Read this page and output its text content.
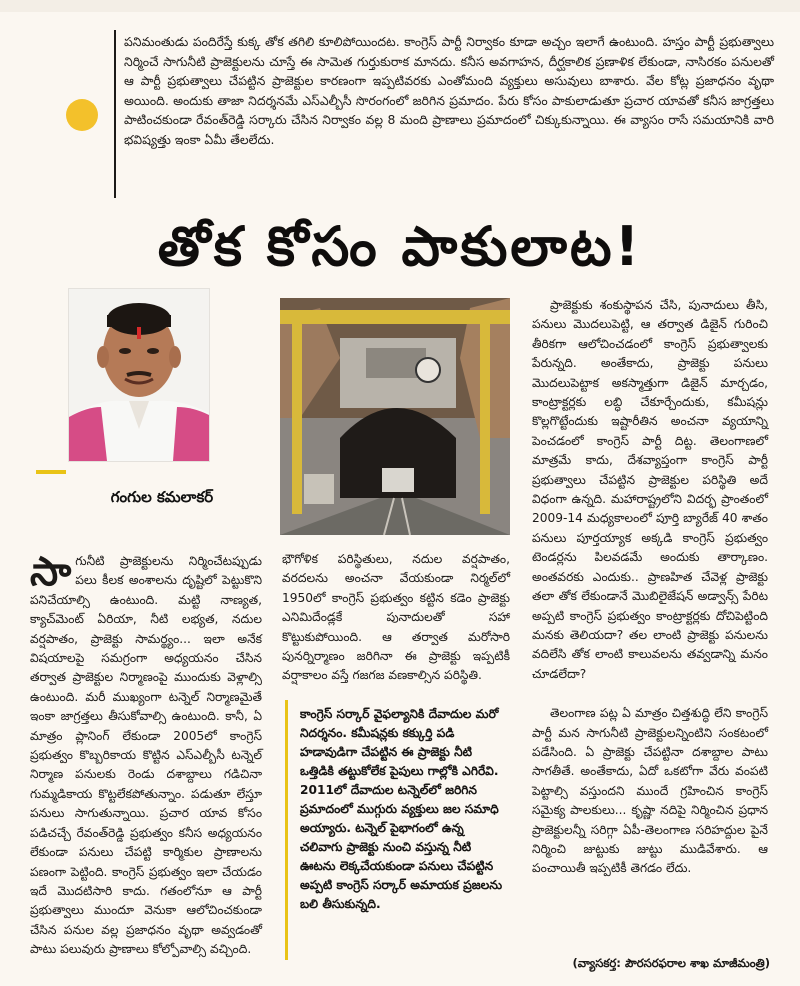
పనిమంతుడు పందిరేస్తే కుక్క తోక తగిలి కూలిపోయిందట. కాంగ్రెస్ పార్టీ నిర్వాకం కూడా అచ్చం ఇలాగే ఉంటుంది. హస్తం పార్టీ ప్రభుత్వాలు నిర్మించే సాగునీటి ప్రాజెక్టులను చూస్తే ఈ సామెత గుర్తుకురాక మానదు. కనీస అవగాహన, దీర్ఘకాలిక ప్రణాళిక లేకుండా, నాసిరకం పనులతో ఆ పార్టీ ప్రభుత్వాలు చేపట్టిన ప్రాజెక్టుల కారణంగా ఇప్పటివరకు ఎంతోమంది వ్యక్తులు అసువులు బాశారు. వేల కోట్ల ప్రజాధనం వృథా అయింది. అందుకు తాజా నిదర్శనమే ఎస్ఎల్బీసీ సొరంగంలో జరిగిన ప్రమాదం. పేరు కోసం పాకులాడుతూ ప్రచార యావతో కనీస జాగ్రత్తలు పాటించకుండా రేవంత్‌రెడ్డి సర్కారు చేసిన నిర్వాకం వల్ల 8 మంది ప్రాణాలు ప్రమాదంలో చిక్కుకున్నాయి. ఈ వ్యాసం రాసే సమయానికి వారి భవిష్యత్తు ఇంకా ఏమీ తేలలేదు.
తోక కోసం పాకులాట!
గంగుల కమలాకర్
సా గునీటి ప్రాజెక్టులను నిర్మించేటప్పుడు పలు కీలక అంశాలను దృష్టిలో పెట్టుకొని పనిచేయాల్సి ఉంటుంది. మట్టి నాణ్యత, క్యాచ్‌మెంట్ ఏరియా, నీటి లభ్యత, నదుల వర్షపాతం, ప్రాజెక్టు సామర్థ్యం... ఇలా అనేక విషయాలపై సమగ్రంగా అధ్యయనం చేసిన తర్వాత ప్రాజెక్టుల నిర్మాణంపై ముందుకు వెళ్లాల్సి ఉంటుంది. మరీ ముఖ్యంగా టన్నెల్ నిర్మాణమైతే ఇంకా జాగ్రత్తలు తీసుకోవాల్సి ఉంటుంది. కానీ, ఏ మాత్రం ప్లానింగ్ లేకుండా 2005లో కాంగ్రెస్ ప్రభుత్వం కొబ్బరికాయ కొట్టిన ఎస్ఎల్బీసీ టన్నెల్ నిర్మాణ పనులకు రెండు దశాబ్దాలు గడిచినా గుమ్మడికాయ కొట్టలేకపోతున్నాం. పడుతూ లేస్తూ పనులు సాగుతున్నాయి. ప్రచార యావ కోసం పడిచచ్చే రేవంత్‌రెడ్డి ప్రభుత్వం కనీస అధ్యయనం లేకుండా పనులు చేపట్టి కార్మికుల ప్రాణాలను పణంగా పెట్టింది. కాంగ్రెస్ ప్రభుత్వం ఇలా చేయడం ఇదే మొదటిసారి కాదు. గతంలోనూ ఆ పార్టీ ప్రభుత్వాలు ముందూ వెనుకా ఆలోచించకుండా చేసిన పనుల వల్ల ప్రజాధనం వృథా అవ్వడంతో పాటు పలువురు ప్రాణాలు కోల్పోవాల్సి వచ్చింది.

భౌగోళిక పరిస్థితులు, నదుల వర్షపాతం, వరదలను అంచనా వేయకుండా నిర్మల్‌లో 1950లో కాంగ్రెస్ ప్రభుత్వం కట్టిన కడెం ప్రాజెక్టు ఎనిమిదేండ్లకే పునాదులతో సహా కొట్టుకుపోయింది. ఆ తర్వాత మరోసారి పునర్నిర్మాణం జరిగినా ఈ ప్రాజెక్టు ఇప్పటికీ వర్షాకాలం వస్తే గజగజ వణకాల్సిన పరిస్థితి.

కాంగ్రెస్ సర్కార్ వైఫల్యానికి దేవాదుల మరో నిదర్శనం. కమీషన్లకు కక్కుర్తి పడి హడావుడిగా చేపట్టిన ఈ ప్రాజెక్టు నీటి ఒత్తిడికి తట్టుకోలేక పైపులు గాల్లోకి ఎగిరేవి. 2011లో దేవాదుల టన్నెల్‌లో జరిగిన ప్రమాదంలో ముగ్గురు వ్యక్తులు జల సమాధి అయ్యారు. టన్నెల్ పైభాగంలో ఉన్న చలివాగు ప్రాజెక్టు నుంచి వస్తున్న నీటి ఊటను లెక్కచేయకుండా పనులు చేపట్టిన అప్పటి కాంగ్రెస్ సర్కార్ అమాయక ప్రజలను బలి తీసుకున్నది.

ప్రాజెక్టుకు శంకుస్థాపన చేసి, పునాదులు తీసి, పనులు మొదలుపెట్టి, ఆ తర్వాత డిజైన్ గురించి తీరికగా ఆలోచించడంలో కాంగ్రెస్ ప్రభుత్వాలకు పేరున్నది. అంతేకాదు, ప్రాజెక్టు పనులు మొదలుపెట్టాక అకస్మాత్తుగా డిజైన్ మార్చడం, కాంట్రాక్టర్లకు లబ్ధి చేకూర్చేందుకు, కమీషన్లు కొల్లగొట్టేందుకు ఇష్టారీతిన అంచనా వ్యయాన్ని పెంచడంలో కాంగ్రెస్ పార్టీ దిట్ట. తెలంగాణలో మాత్రమే కాదు, దేశవ్యాప్తంగా కాంగ్రెస్ పార్టీ ప్రభుత్వాలు చేపట్టిన ప్రాజెక్టుల పరిస్థితి అదే విధంగా ఉన్నది. మహారాష్ట్రలోని విదర్భ ప్రాంతంలో 2009-14 మధ్యకాలంలో పూర్తి బ్యారేజ్ 40 శాతం పనులు పూర్తయ్యాక అక్కడి కాంగ్రెస్ ప్రభుత్వం టెండర్లను పిలవడమే అందుకు తార్కాణం. అంతవరకు ఎందుకు.. ప్రాణహిత చేవెళ్ల ప్రాజెక్టు తలా తోక లేకుండానే మొబిలైజేషన్ అడ్వాన్స్ పేరిట అప్పటి కాంగ్రెస్ ప్రభుత్వం కాంట్రాక్టర్లకు దోచిపెట్టింది మనకు తెలియదా? తల లాంటి ప్రాజెక్టు పనులను వదిలేసి తోక లాంటి కాలువలను తవ్వడాన్ని మనం చూడలేదా?

తెలంగాణ పట్ల ఏ మాత్రం చిత్తశుద్ధి లేని కాంగ్రెస్ పార్టీ మన సాగునీటి ప్రాజెక్టులన్నింటిని సంకటంలో పడేసింది. ఏ ప్రాజెక్టు చేపట్టినా దశాబ్దాల పాటు సాగతీతే. అంతేకాదు, ఏదో ఒకటోగా వేరు వంపటి పెట్టాల్సి వస్తుందని ముందే గ్రహించిన కాంగ్రెస్ సమైక్య పాలకులు... కృష్ణా నదిపై నిర్మించిన ప్రధాన ప్రాజెక్టులన్నీ సరిగ్గా ఏపీ-తెలంగాణ సరిహద్దుల పైనే నిర్మించి జుట్టుకు జుట్టు ముడివేశారు. ఆ పంచాయితీ ఇప్పటికీ తెగడం లేదు.

(వ్యాసకర్త: పౌరసరఫరాల శాఖ మాజీమంత్రి)
